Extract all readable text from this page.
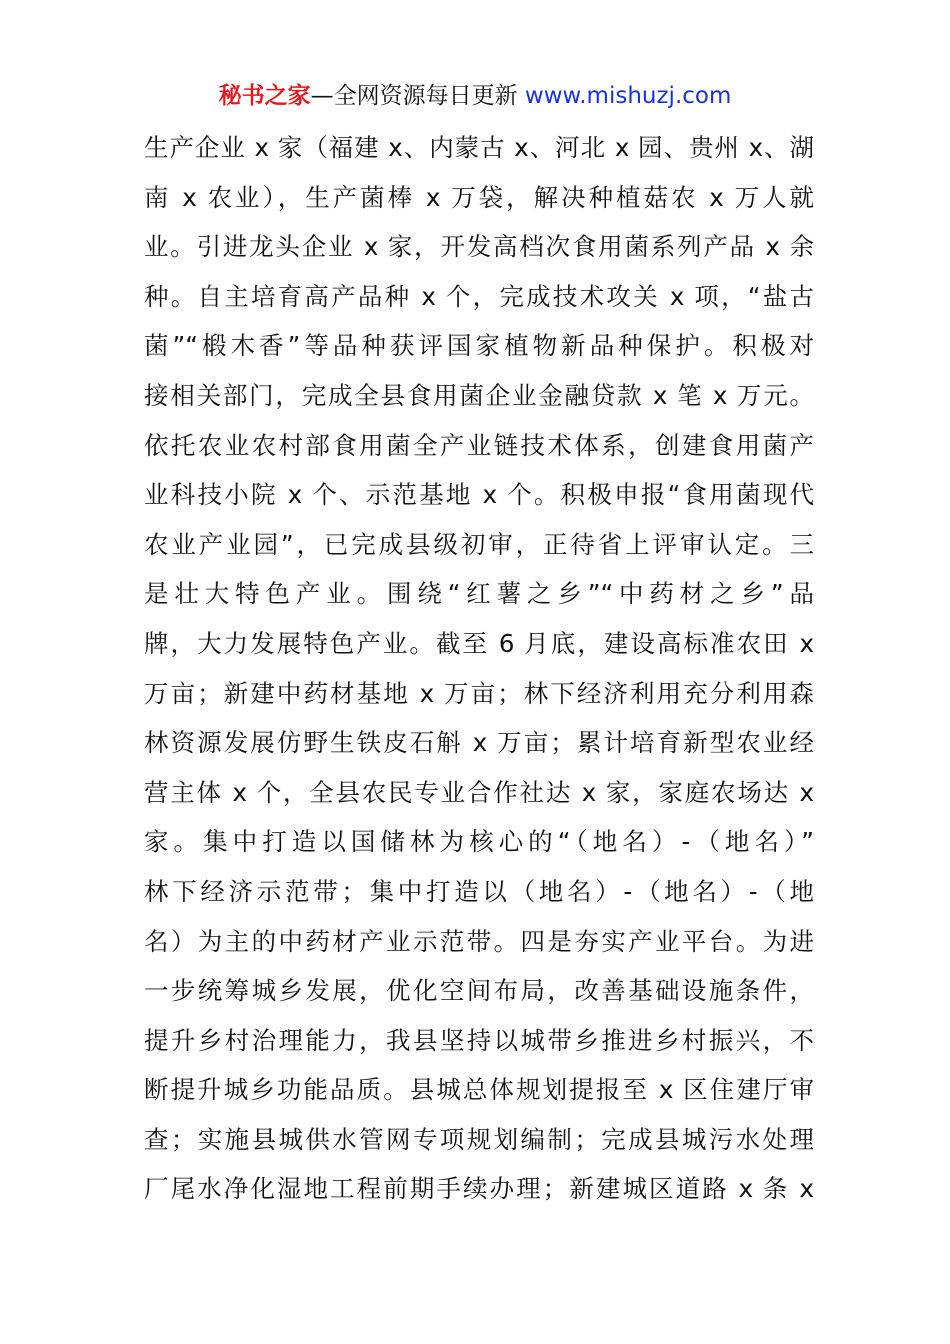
秘书之家—全网资源每日更新 www.mishuzj.com
生产企业 x 家（福建 x、内蒙古 x、河北 x 园、贵州 x、湖
南 x 农业），生产菌棒 x 万袋，解决种植菇农 x 万人就
业。引进龙头企业 x 家，开发高档次食用菌系列产品 x 余
种。自主培育高产品种 x 个，完成技术攻关 x 项，“盐古
菌”“椴木香”等品种获评国家植物新品种保护。积极对
接相关部门，完成全县食用菌企业金融贷款 x 笔 x 万元。
依托农业农村部食用菌全产业链技术体系，创建食用菌产
业科技小院 x 个、示范基地 x 个。积极申报“食用菌现代
农业产业园”，已完成县级初审，正待省上评审认定。三
是壮大特色产业。围绕“红薯之乡”“中药材之乡”品
牌，大力发展特色产业。截至 6 月底，建设高标准农田 x
万亩；新建中药材基地 x 万亩；林下经济利用充分利用森
林资源发展仿野生铁皮石斛 x 万亩；累计培育新型农业经
营主体 x 个，全县农民专业合作社达 x 家，家庭农场达 x
家。集中打造以国储林为核心的“（地名）-（地名）”
林下经济示范带；集中打造以（地名）-（地名）-（地
名）为主的中药材产业示范带。四是夯实产业平台。为进
一步统筹城乡发展，优化空间布局，改善基础设施条件，
提升乡村治理能力，我县坚持以城带乡推进乡村振兴，不
断提升城乡功能品质。县城总体规划提报至 x 区住建厅审
查；实施县城供水管网专项规划编制；完成县城污水处理
厂尾水净化湿地工程前期手续办理；新建城区道路 x 条 x
